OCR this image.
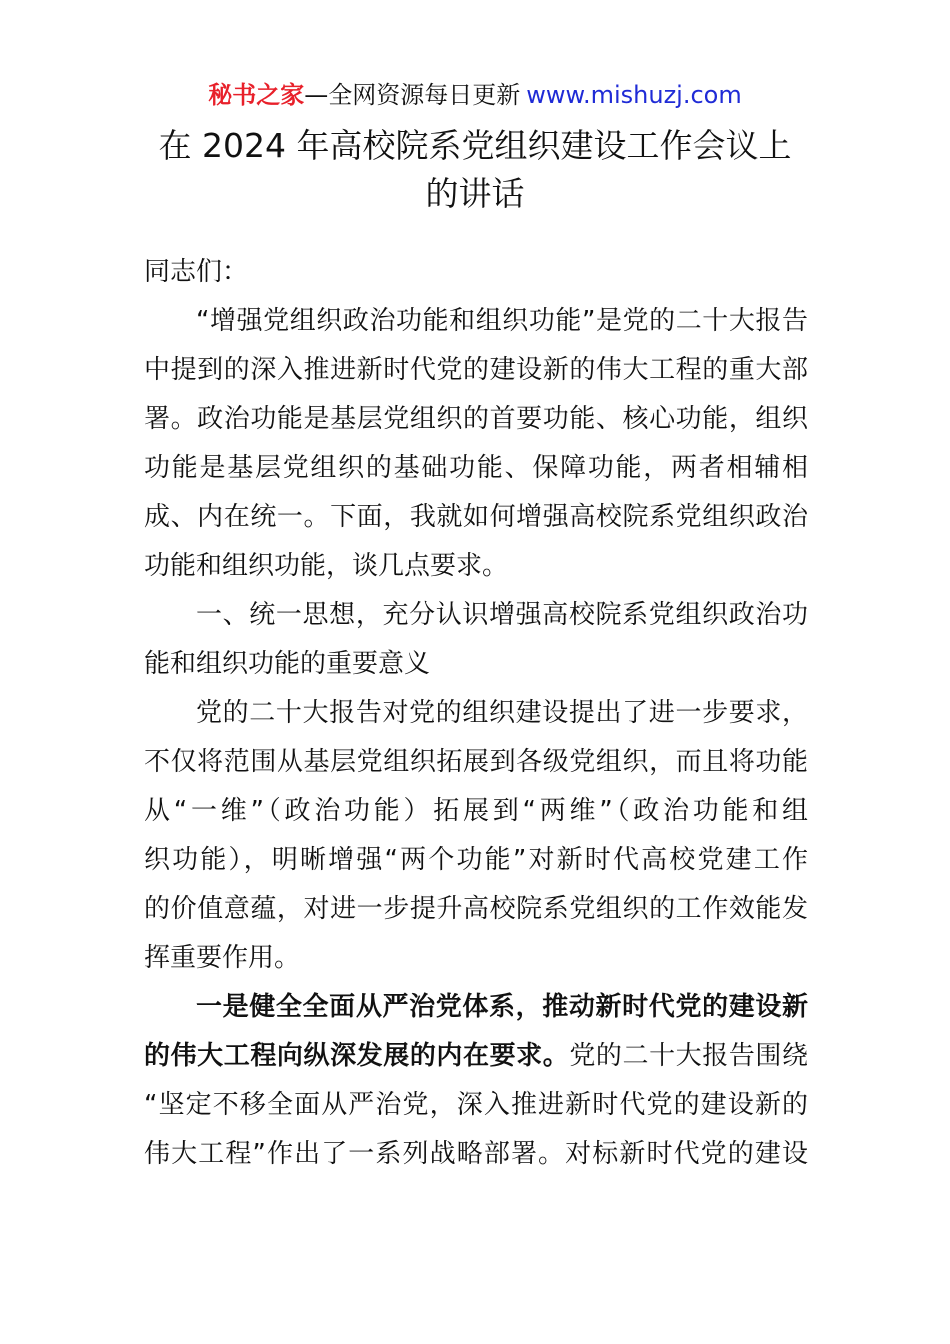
秘书之家—全网资源每日更新 www.mishuzj.com
在 2024 年高校院系党组织建设工作会议上
的讲话
同志们：
“增强党组织政治功能和组织功能”是党的二十大报告
中提到的深入推进新时代党的建设新的伟大工程的重大部
署。政治功能是基层党组织的首要功能、核心功能，组织
功能是基层党组织的基础功能、保障功能，两者相辅相
成、内在统一。下面，我就如何增强高校院系党组织政治
功能和组织功能，谈几点要求。
一、统一思想，充分认识增强高校院系党组织政治功
能和组织功能的重要意义
党的二十大报告对党的组织建设提出了进一步要求，
不仅将范围从基层党组织拓展到各级党组织，而且将功能
从“一维”（政治功能）拓展到“两维”（政治功能和组
织功能），明晰增强“两个功能”对新时代高校党建工作
的价值意蕴，对进一步提升高校院系党组织的工作效能发
挥重要作用。
一是健全全面从严治党体系，推动新时代党的建设新
的伟大工程向纵深发展的内在要求。党的二十大报告围绕
“坚定不移全面从严治党，深入推进新时代党的建设新的
伟大工程”作出了一系列战略部署。对标新时代党的建设
